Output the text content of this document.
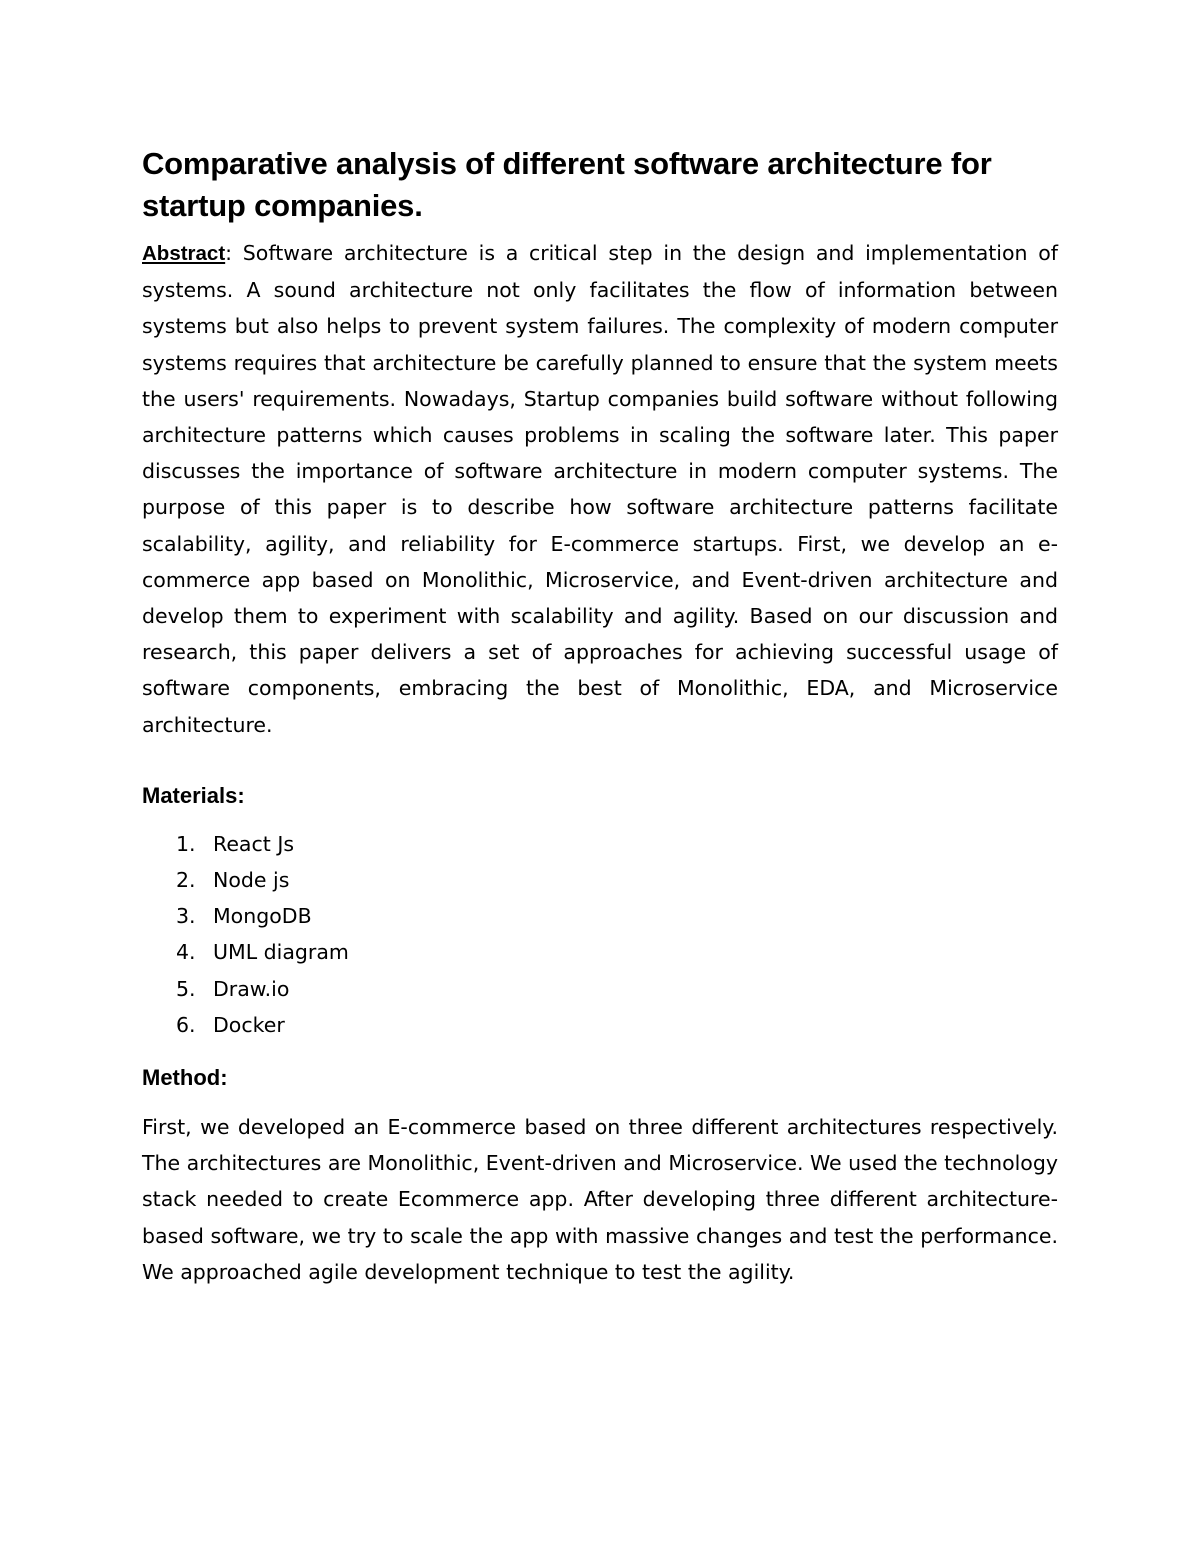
Comparative analysis of different software architecture for startup companies.

Abstract: Software architecture is a critical step in the design and implementation of systems. A sound architecture not only facilitates the flow of information between systems but also helps to prevent system failures. The complexity of modern computer systems requires that architecture be carefully planned to ensure that the system meets the users' requirements. Nowadays, Startup companies build software without following architecture patterns which causes problems in scaling the software later. This paper discusses the importance of software architecture in modern computer systems. The purpose of this paper is to describe how software architecture patterns facilitate scalability, agility, and reliability for E-commerce startups. First, we develop an e-commerce app based on Monolithic, Microservice, and Event-driven architecture and develop them to experiment with scalability and agility. Based on our discussion and research, this paper delivers a set of approaches for achieving successful usage of software components, embracing the best of Monolithic, EDA, and Microservice architecture.

Materials:
1. React Js
2. Node js
3. MongoDB
4. UML diagram
5. Draw.io
6. Docker
Method:

First, we developed an E-commerce based on three different architectures respectively. The architectures are Monolithic, Event-driven and Microservice. We used the technology stack needed to create Ecommerce app. After developing three different architecture-based software, we try to scale the app with massive changes and test the performance. We approached agile development technique to test the agility.
